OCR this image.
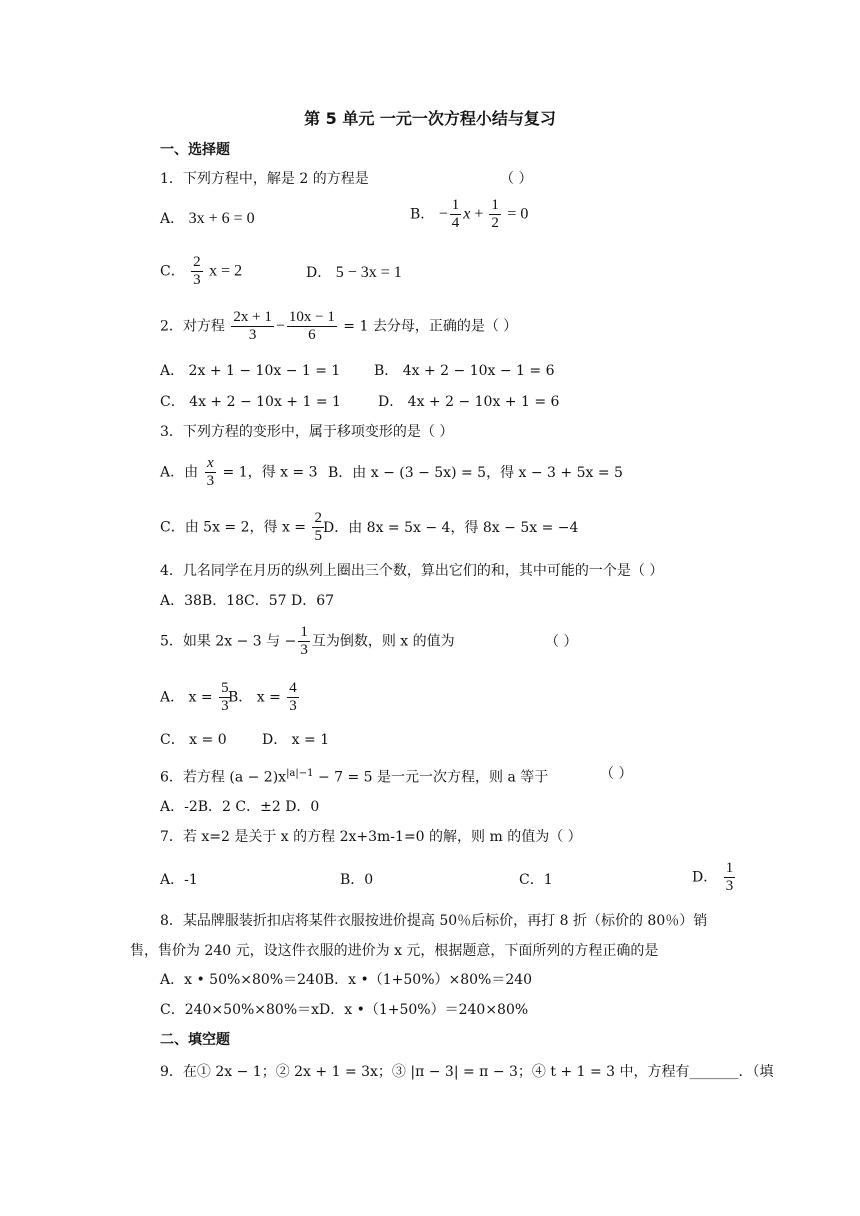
第 5 单元 一元一次方程小结与复习
一、选择题
1．下列方程中，解是 2 的方程是	（ ）
A． 3x + 6 = 0	B． − $\frac{1}{4}$ $x + \frac{1}{2} = 0$
C． $\frac{2}{3}$ x = 2	D． 5 − 3x = 1
2．对方程 $\frac{2x + 1}{3} - \frac{10x - 1}{6} = 1$ 去分母，正确的是（ ）
A． 2x + 1 − 10x − 1 = 1 B． 4x + 2 − 10x − 1 = 6
C． 4x + 2 − 10x + 1 = 1	D． 4x + 2 − 10x + 1 = 6
3．下列方程的变形中，属于移项变形的是（ ）
A．由 $\frac{x}{3} = 1$，得 x = 3 B．由 x − (3 − 5x) = 5，得 x − 3 + 5x = 5
C．由 5x = 2，得 $x = \frac{2}{5}$ D．由 8x = 5x − 4，得 8x − 5x = −4
4．几名同学在月历的纵列上圈出三个数，算出它们的和，其中可能的一个是（ ）
A．38B．18C．57 D．67
5．如果 2x − 3 与 − $\frac{1}{3}$ 互为倒数，则 x 的值为	（ ）
A． $x = \frac{5}{3}$
B． $x = \frac{4}{3}$
C． x = 0	D． x = 1
6．若方程 $(a - 2)x^{|a|-1} - 7 = 5$ 是一元一次方程，则 a 等于	（ ）
A．-2B．2 C．±2 D．0
7．若 x=2 是关于 x 的方程 2x+3m-1=0 的解，则 m 的值为（ ）
A．-1	B．0	C．1	D． $\frac{1}{3}$
8．某品牌服装折扣店将某件衣服按进价提高 50％后标价，再打 8 折（标价的 80％）销
售，售价为 240 元，设这件衣服的进价为 x 元，根据题意，下面所列的方程正确的是
A．x • 50%×80%＝240B．x •（1+50%）×80%＝240
C．240×50%×80%＝xD．x •（1+50%）＝240×80%
二、填空题
9．在① 2x − 1；② 2x + 1 = 3x；③ |π − 3| = π − 3；④ t + 1 = 3 中，方程有_______．（填
